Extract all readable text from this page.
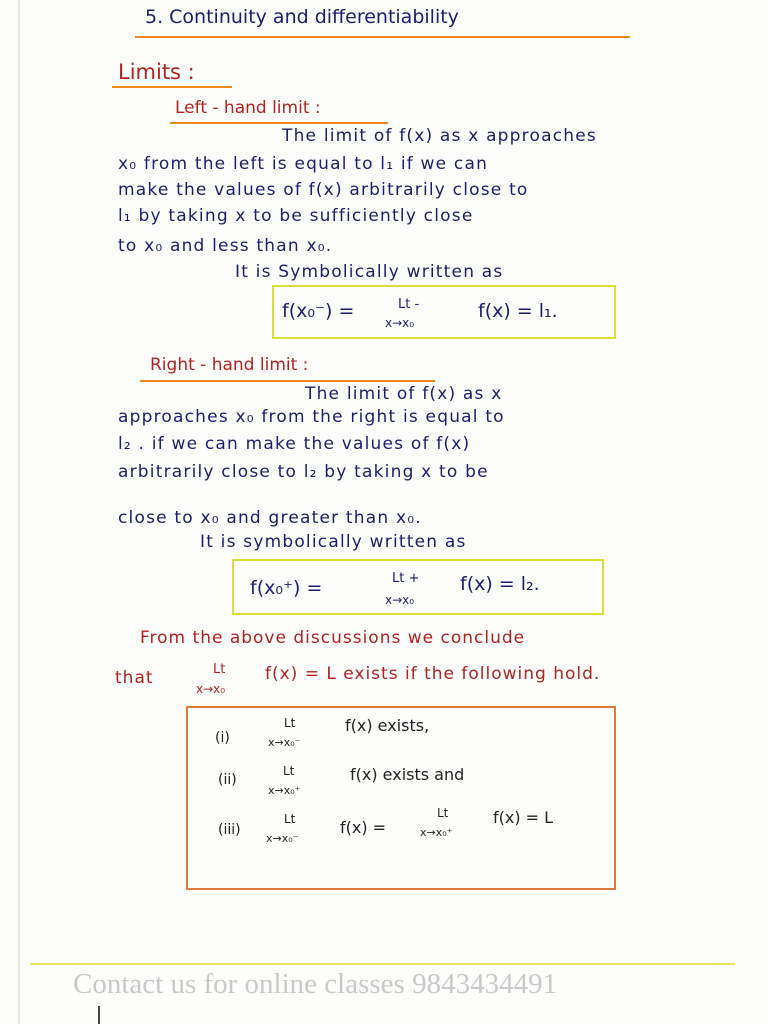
5. Continuity and differentiability
Limits :
Left - hand limit :
The limit of f(x) as x approaches
x₀ from the left is equal to l₁ if we can
make the values of f(x) arbitrarily close to
l₁ by taking x to be sufficiently close
to x₀ and less than x₀.
It is Symbolically written as
f(x₀⁻) =	Lt -
x→x₀
f(x) = l₁.
Right - hand limit :
The limit of f(x) as x
approaches x₀ from the right is equal to
l₂ . if we can make the values of f(x)
arbitrarily close to l₂ by taking x to be
close to x₀ and greater than x₀.
It is symbolically written as
f(x₀⁺) =	Lt +
x→x₀
f(x) = l₂.
From the above discussions we conclude
that	Lt
x→x₀
f(x) = L exists if the following hold.
(i)
Lt
x→x₀⁻
f(x) exists,
(ii)
Lt
x→x₀⁺
f(x) exists and
(iii)
Lt
x→x₀⁻
f(x) =
Lt
x→x₀⁺
f(x) = L
Contact us for online classes 9843434491
